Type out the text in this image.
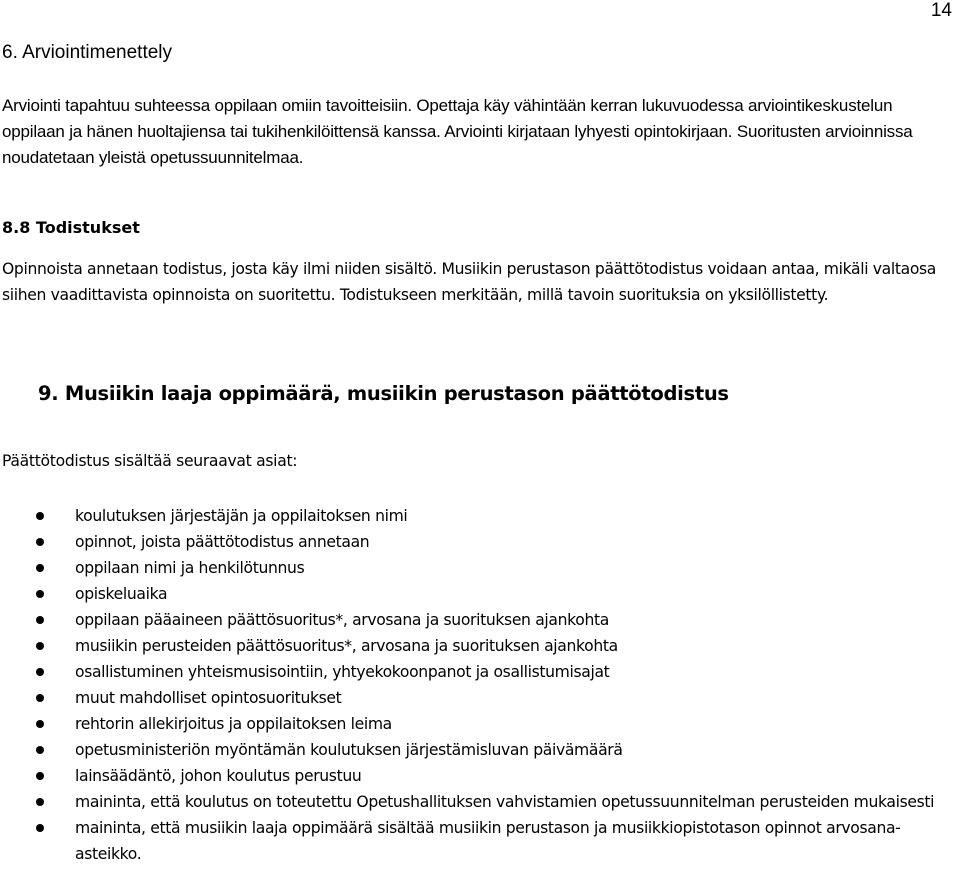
14
6. Arviointimenettely

Arviointi tapahtuu suhteessa oppilaan omiin tavoitteisiin. Opettaja käy vähintään kerran lukuvuodessa arviointikeskustelun oppilaan ja hänen huoltajiensa tai tukihenkilöittensä kanssa. Arviointi kirjataan lyhyesti opintokirjaan. Suoritusten arvioinnissa noudatetaan yleistä opetussuunnitelmaa.

8.8 Todistukset

Opinnoista annetaan todistus, josta käy ilmi niiden sisältö. Musiikin perustason päättötodistus voidaan antaa, mikäli valtaosa siihen vaadittavista opinnoista on suoritettu. Todistukseen merkitään, millä tavoin suorituksia on yksilöllistetty.

9. Musiikin laaja oppimäärä, musiikin perustason päättötodistus

Päättötodistus sisältää seuraavat asiat:

koulutuksen järjestäjän ja oppilaitoksen nimi
opinnot, joista päättötodistus annetaan
oppilaan nimi ja henkilötunnus
opiskeluaika
oppilaan pääaineen päättösuoritus*, arvosana ja suorituksen ajankohta
musiikin perusteiden päättösuoritus*, arvosana ja suorituksen ajankohta
osallistuminen yhteismusisointiin, yhtyekokoonpanot ja osallistumisajat
muut mahdolliset opintosuoritukset
rehtorin allekirjoitus ja oppilaitoksen leima
opetusministeriön myöntämän koulutuksen järjestämisluvan päivämäärä
lainsäädäntö, johon koulutus perustuu
maininta, että koulutus on toteutettu Opetushallituksen vahvistamien opetussuunnitelman perusteiden mukaisesti
maininta, että musiikin laaja oppimäärä sisältää musiikin perustason ja musiikkiopistotason opinnot arvosana-asteikko.
